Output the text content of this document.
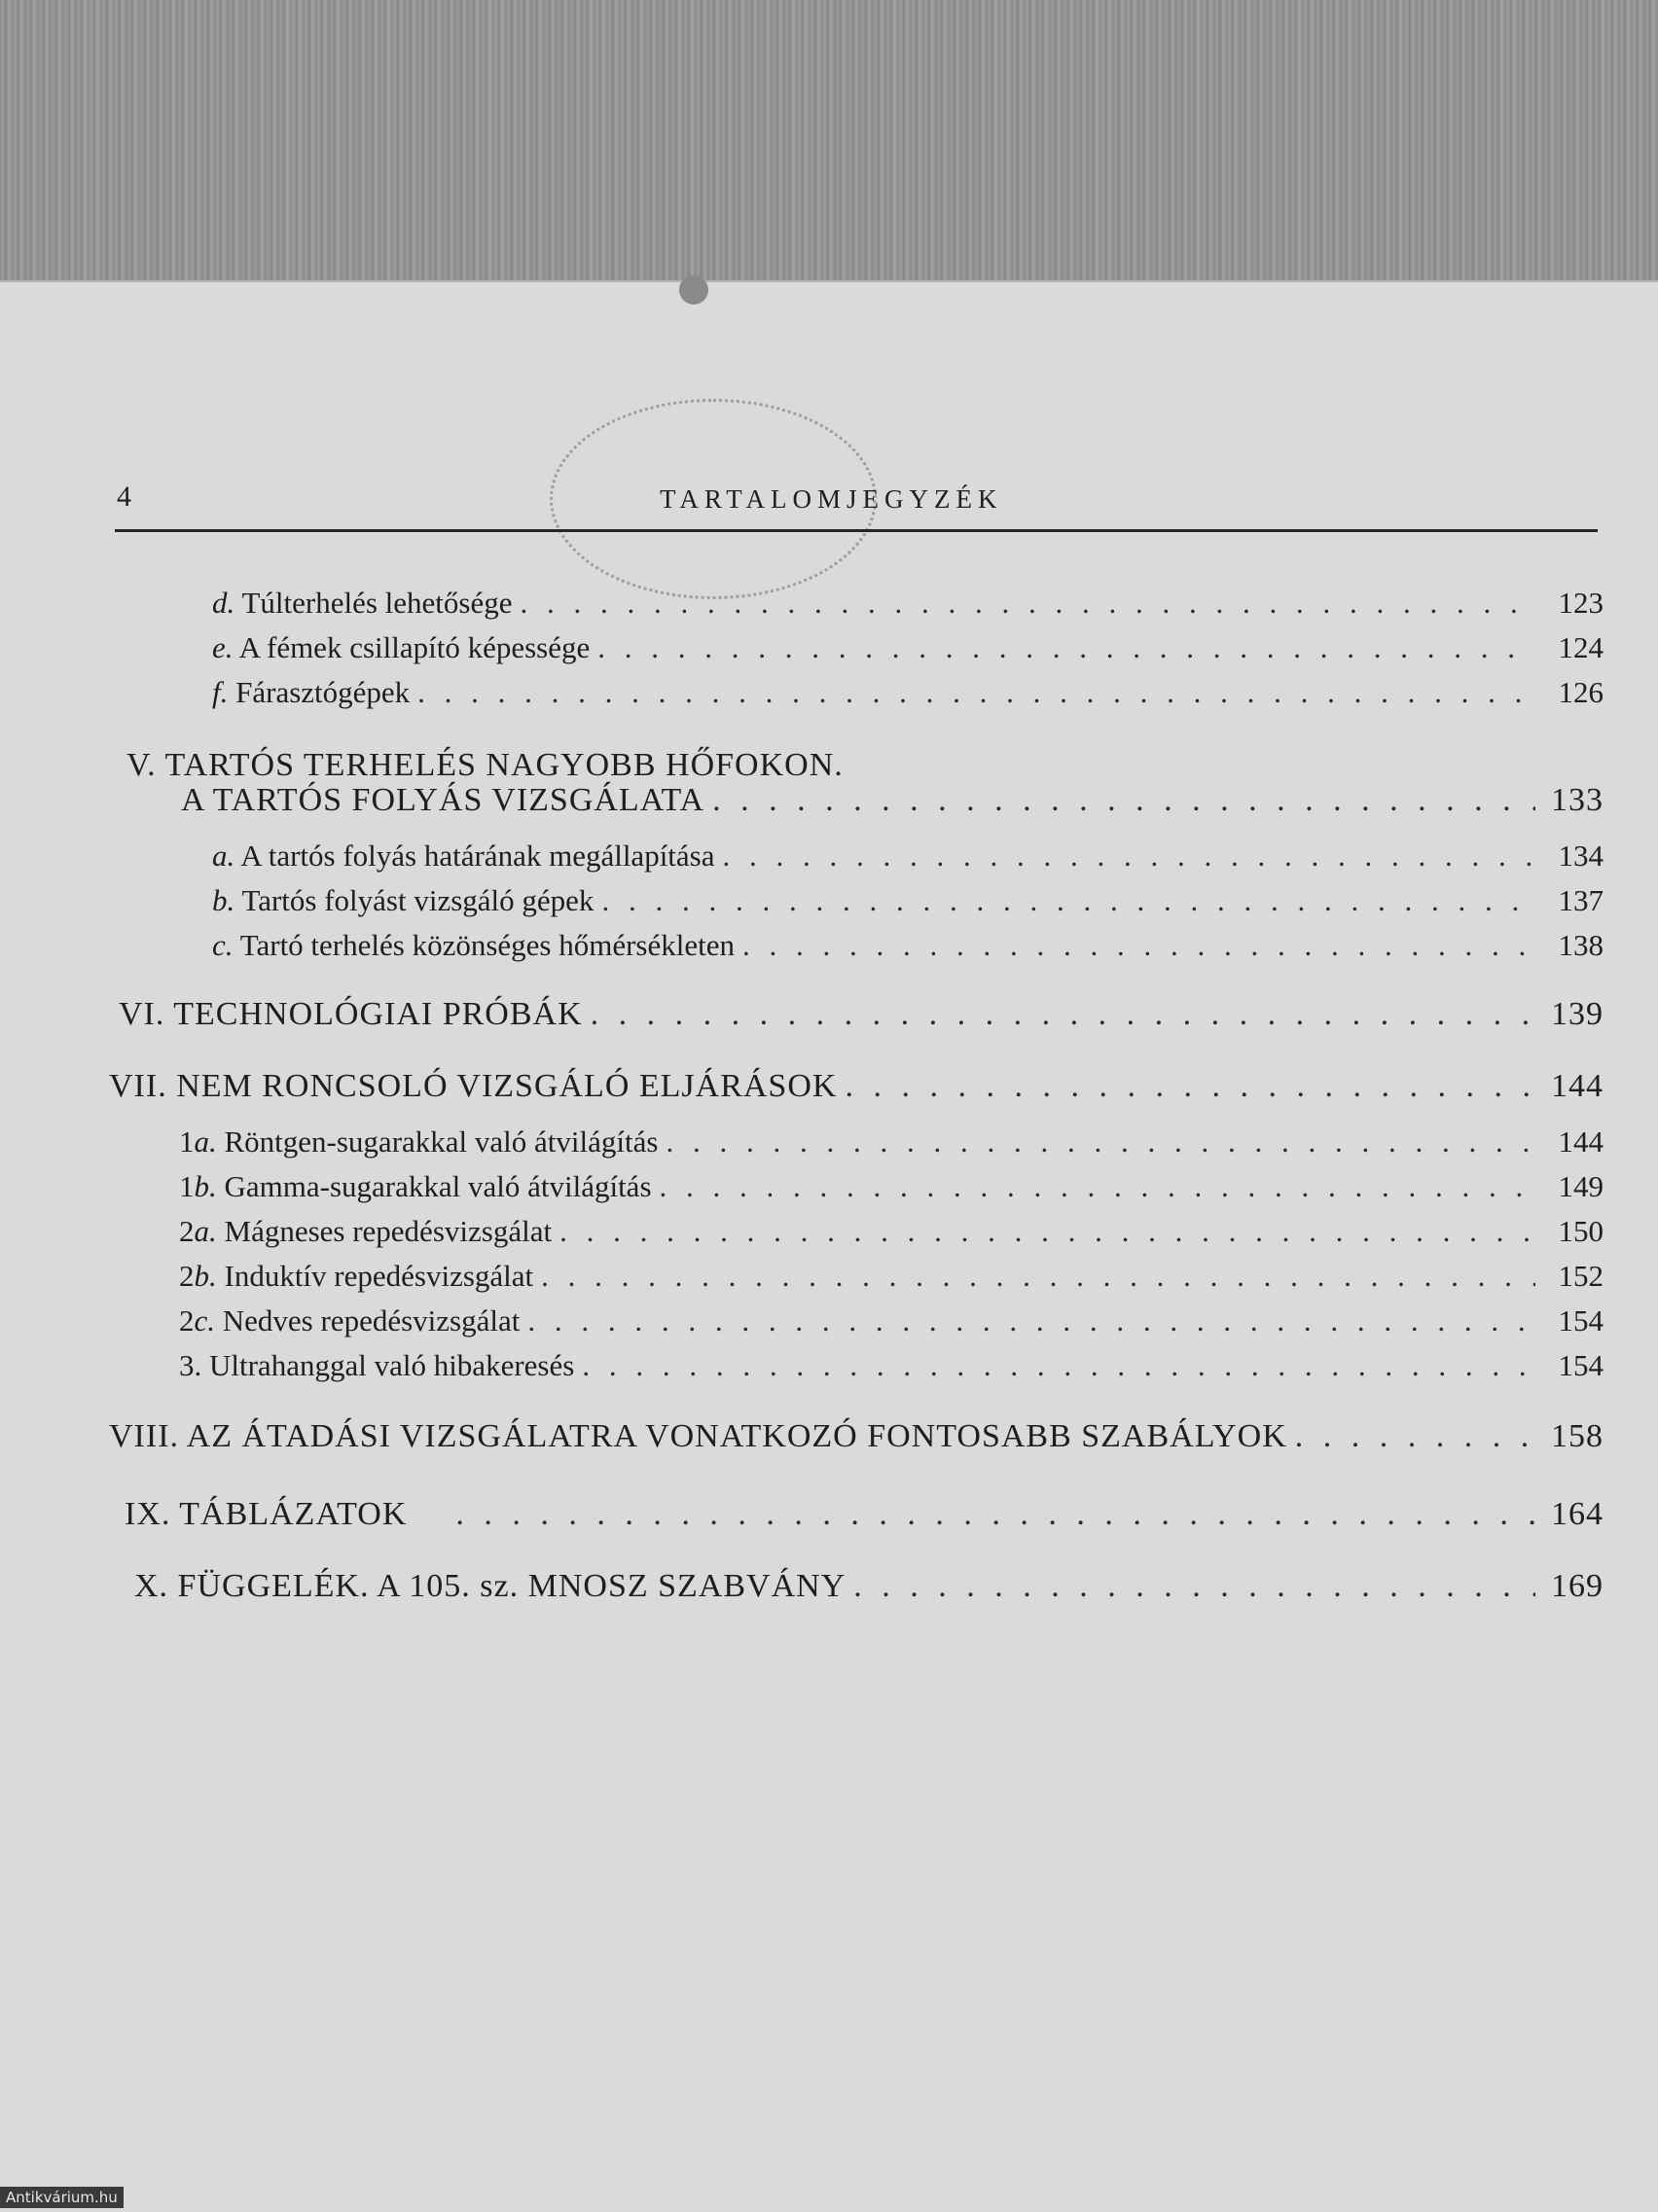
4	TARTALOMJEGYZÉK
d. Túlterhelés lehetősége . . .	123
e. A fémek csillapító képessége . . .	124
f. Fárasztógépek . . .	126
V. TARTÓS TERHELÉS NAGYOBB HŐFOKON.
A TARTÓS FOLYÁS VIZSGÁLATA . . .	133
a. A tartós folyás határának megállapítása . . .	134
b. Tartós folyást vizsgáló gépek . . .	137
c. Tartó terhelés közönséges hőmérsékleten . . .	138
VI. TECHNOLÓGIAI PRÓBÁK . . .	139
VII. NEM RONCSOLÓ VIZSGÁLÓ ELJÁRÁSOK . . .	144
1a. Röntgen-sugarakkal való átvilágítás . . .	144
1b. Gamma-sugarakkal való átvilágítás . . .	149
2a. Mágneses repedésvizsgálat . . .	150
2b. Induktív repedésvizsgálat . . .	152
2c. Nedves repedésvizsgálat . . .	154
3. Ultrahanggal való hibakeresés . . .	154
VIII. AZ ÁTADÁSI VIZSGÁLATRA VONATKOZÓ FONTOSABB SZABÁLYOK . . .	158
IX. TÁBLÁZATOK . . .	164
X. FÜGGELÉK. A 105. sz. MNOSZ SZABVÁNY . . .	169
Antikvárium.hu
